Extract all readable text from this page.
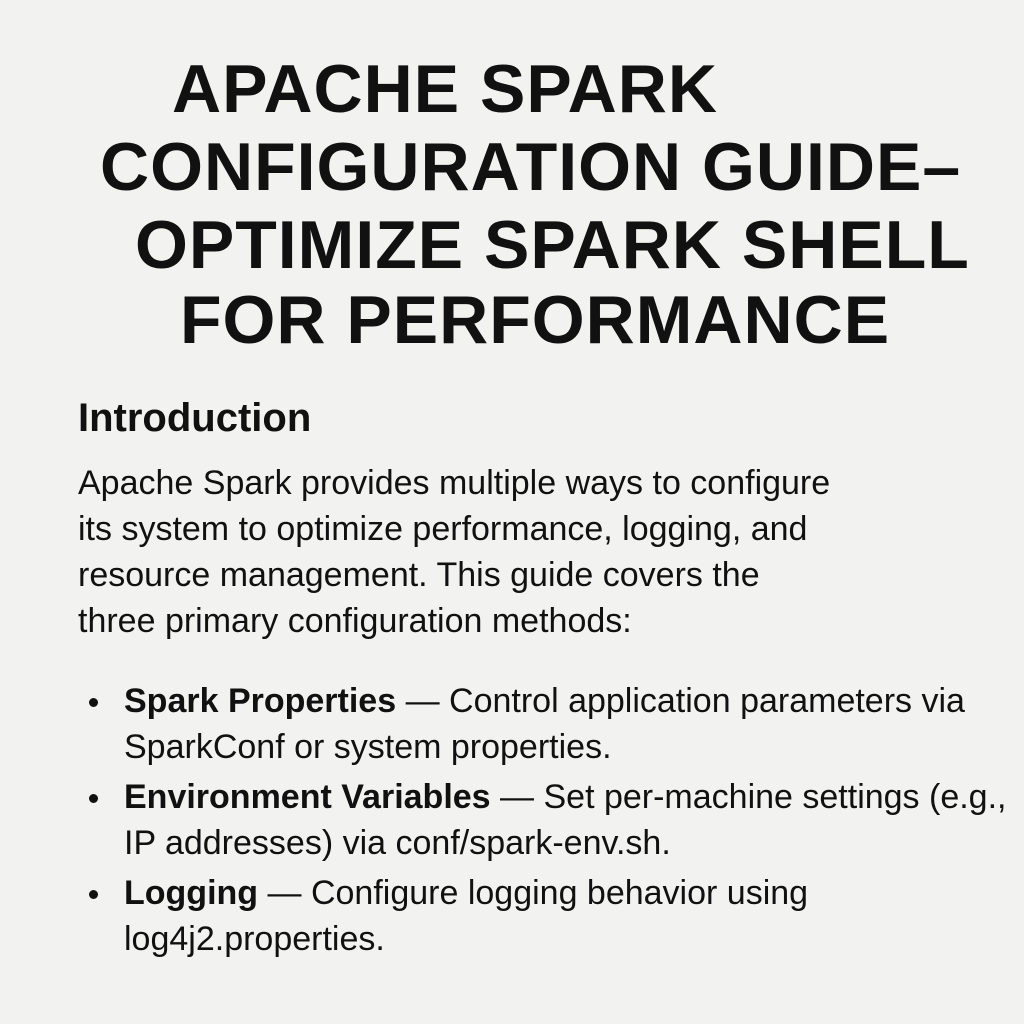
APACHE SPARK
CONFIGURATION GUIDE–
OPTIMIZE SPARK SHELL
FOR PERFORMANCE
Introduction
Apache Spark provides multiple ways to configure
its system to optimize performance, logging, and
resource management. This guide covers the
three primary configuration methods:
Spark Properties — Control application parameters via SparkConf or system properties.
Environment Variables — Set per-machine settings (e.g., IP addresses) via conf/spark-env.sh.
Logging — Configure logging behavior using log4j2.properties.
